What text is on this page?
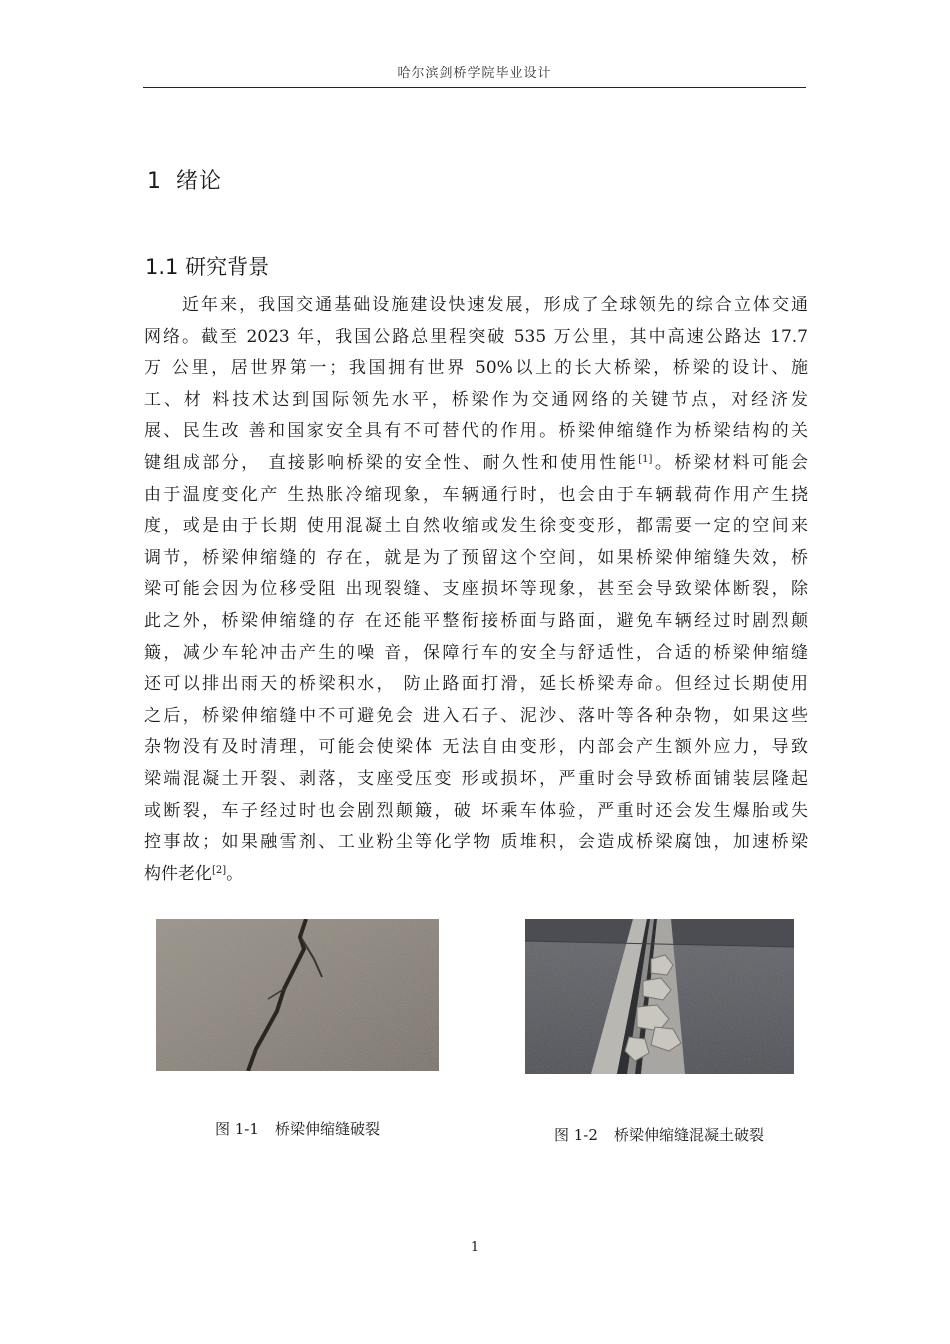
哈尔滨剑桥学院毕业设计
1 绪论
1.1 研究背景
近年来，我国交通基础设施建设快速发展，形成了全球领先的综合立体交通
网络。截至 2023 年，我国公路总里程突破 535 万公里，其中高速公路达 17.7
万 公里，居世界第一；我国拥有世界 50%以上的长大桥梁，桥梁的设计、施
工、材 料技术达到国际领先水平，桥梁作为交通网络的关键节点，对经济发
展、民生改 善和国家安全具有不可替代的作用。桥梁伸缩缝作为桥梁结构的关
键组成部分， 直接影响桥梁的安全性、耐久性和使用性能[1]。桥梁材料可能会
由于温度变化产 生热胀冷缩现象，车辆通行时，也会由于车辆载荷作用产生挠
度，或是由于长期 使用混凝土自然收缩或发生徐变变形，都需要一定的空间来
调节，桥梁伸缩缝的 存在，就是为了预留这个空间，如果桥梁伸缩缝失效，桥
梁可能会因为位移受阻 出现裂缝、支座损坏等现象，甚至会导致梁体断裂，除
此之外，桥梁伸缩缝的存 在还能平整衔接桥面与路面，避免车辆经过时剧烈颠
簸，减少车轮冲击产生的噪 音，保障行车的安全与舒适性，合适的桥梁伸缩缝
还可以排出雨天的桥梁积水， 防止路面打滑，延长桥梁寿命。但经过长期使用
之后，桥梁伸缩缝中不可避免会 进入石子、泥沙、落叶等各种杂物，如果这些
杂物没有及时清理，可能会使梁体 无法自由变形，内部会产生额外应力，导致
梁端混凝土开裂、剥落，支座受压变 形或损坏，严重时会导致桥面铺装层隆起
或断裂，车子经过时也会剧烈颠簸，破 坏乘车体验，严重时还会发生爆胎或失
控事故；如果融雪剂、工业粉尘等化学物 质堆积，会造成桥梁腐蚀，加速桥梁
构件老化[2]。
图 1-1 桥梁伸缩缝破裂	图 1-2 桥梁伸缩缝混凝土破裂
1
